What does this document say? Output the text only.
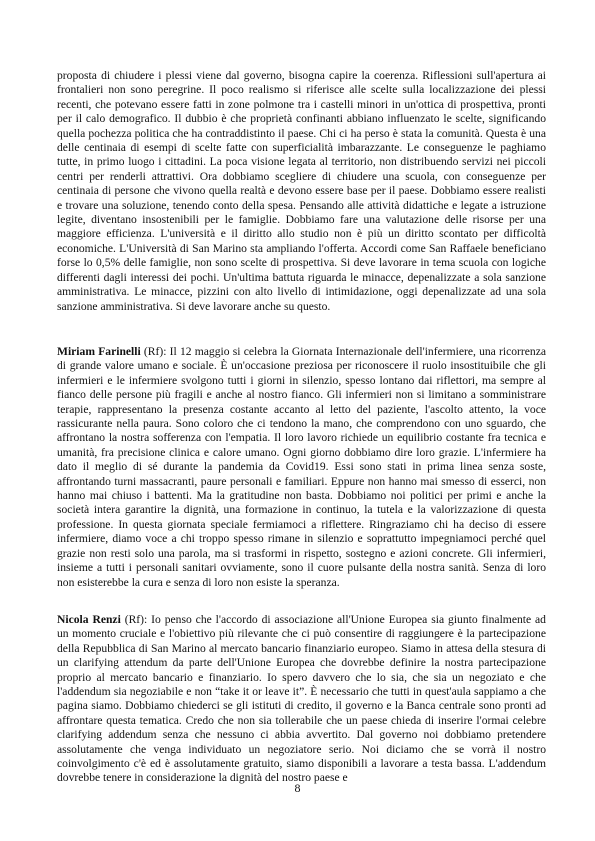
proposta di chiudere i plessi viene dal governo, bisogna capire la coerenza. Riflessioni sull'apertura ai frontalieri non sono peregrine. Il poco realismo si riferisce alle scelte sulla localizzazione dei plessi recenti, che potevano essere fatti in zone polmone tra i castelli minori in un'ottica di prospettiva, pronti per il calo demografico. Il dubbio è che proprietà confinanti abbiano influenzato le scelte, significando quella pochezza politica che ha contraddistinto il paese. Chi ci ha perso è stata la comunità. Questa è una delle centinaia di esempi di scelte fatte con superficialità imbarazzante. Le conseguenze le paghiamo tutte, in primo luogo i cittadini. La poca visione legata al territorio, non distribuendo servizi nei piccoli centri per renderli attrattivi. Ora dobbiamo scegliere di chiudere una scuola, con conseguenze per centinaia di persone che vivono quella realtà e devono essere base per il paese. Dobbiamo essere realisti e trovare una soluzione, tenendo conto della spesa. Pensando alle attività didattiche e legate a istruzione legite, diventano insostenibili per le famiglie. Dobbiamo fare una valutazione delle risorse per una maggiore efficienza. L'università e il diritto allo studio non è più un diritto scontato per difficoltà economiche. L'Università di San Marino sta ampliando l'offerta. Accordi come San Raffaele beneficiano forse lo 0,5% delle famiglie, non sono scelte di prospettiva. Si deve lavorare in tema scuola con logiche differenti dagli interessi dei pochi. Un'ultima battuta riguarda le minacce, depenalizzate a sola sanzione amministrativa. Le minacce, pizzini con alto livello di intimidazione, oggi depenalizzate ad una sola sanzione amministrativa. Si deve lavorare anche su questo.

Miriam Farinelli (Rf): Il 12 maggio si celebra la Giornata Internazionale dell'infermiere, una ricorrenza di grande valore umano e sociale. È un'occasione preziosa per riconoscere il ruolo insostituibile che gli infermieri e le infermiere svolgono tutti i giorni in silenzio, spesso lontano dai riflettori, ma sempre al fianco delle persone più fragili e anche al nostro fianco. Gli infermieri non si limitano a somministrare terapie, rappresentano la presenza costante accanto al letto del paziente, l'ascolto attento, la voce rassicurante nella paura. Sono coloro che ci tendono la mano, che comprendono con uno sguardo, che affrontano la nostra sofferenza con l'empatia. Il loro lavoro richiede un equilibrio costante fra tecnica e umanità, fra precisione clinica e calore umano. Ogni giorno dobbiamo dire loro grazie. L'infermiere ha dato il meglio di sé durante la pandemia da Covid19. Essi sono stati in prima linea senza soste, affrontando turni massacranti, paure personali e familiari. Eppure non hanno mai smesso di esserci, non hanno mai chiuso i battenti. Ma la gratitudine non basta. Dobbiamo noi politici per primi e anche la società intera garantire la dignità, una formazione in continuo, la tutela e la valorizzazione di questa professione. In questa giornata speciale fermiamoci a riflettere. Ringraziamo chi ha deciso di essere infermiere, diamo voce a chi troppo spesso rimane in silenzio e soprattutto impegniamoci perché quel grazie non resti solo una parola, ma si trasformi in rispetto, sostegno e azioni concrete. Gli infermieri, insieme a tutti i personali sanitari ovviamente, sono il cuore pulsante della nostra sanità. Senza di loro non esisterebbe la cura e senza di loro non esiste la speranza.

Nicola Renzi (Rf): Io penso che l'accordo di associazione all'Unione Europea sia giunto finalmente ad un momento cruciale e l'obiettivo più rilevante che ci può consentire di raggiungere è la partecipazione della Repubblica di San Marino al mercato bancario finanziario europeo. Siamo in attesa della stesura di un clarifying attendum da parte dell'Unione Europea che dovrebbe definire la nostra partecipazione proprio al mercato bancario e finanziario. Io spero davvero che lo sia, che sia un negoziato e che l'addendum sia negoziabile e non “take it or leave it”. È necessario che tutti in quest'aula sappiamo a che pagina siamo. Dobbiamo chiederci se gli istituti di credito, il governo e la Banca centrale sono pronti ad affrontare questa tematica. Credo che non sia tollerabile che un paese chieda di inserire l'ormai celebre clarifying addendum senza che nessuno ci abbia avvertito. Dal governo noi dobbiamo pretendere assolutamente che venga individuato un negoziatore serio. Noi diciamo che se vorrà il nostro coinvolgimento c'è ed è assolutamente gratuito, siamo disponibili a lavorare a testa bassa. L'addendum dovrebbe tenere in considerazione la dignità del nostro paese e

8
